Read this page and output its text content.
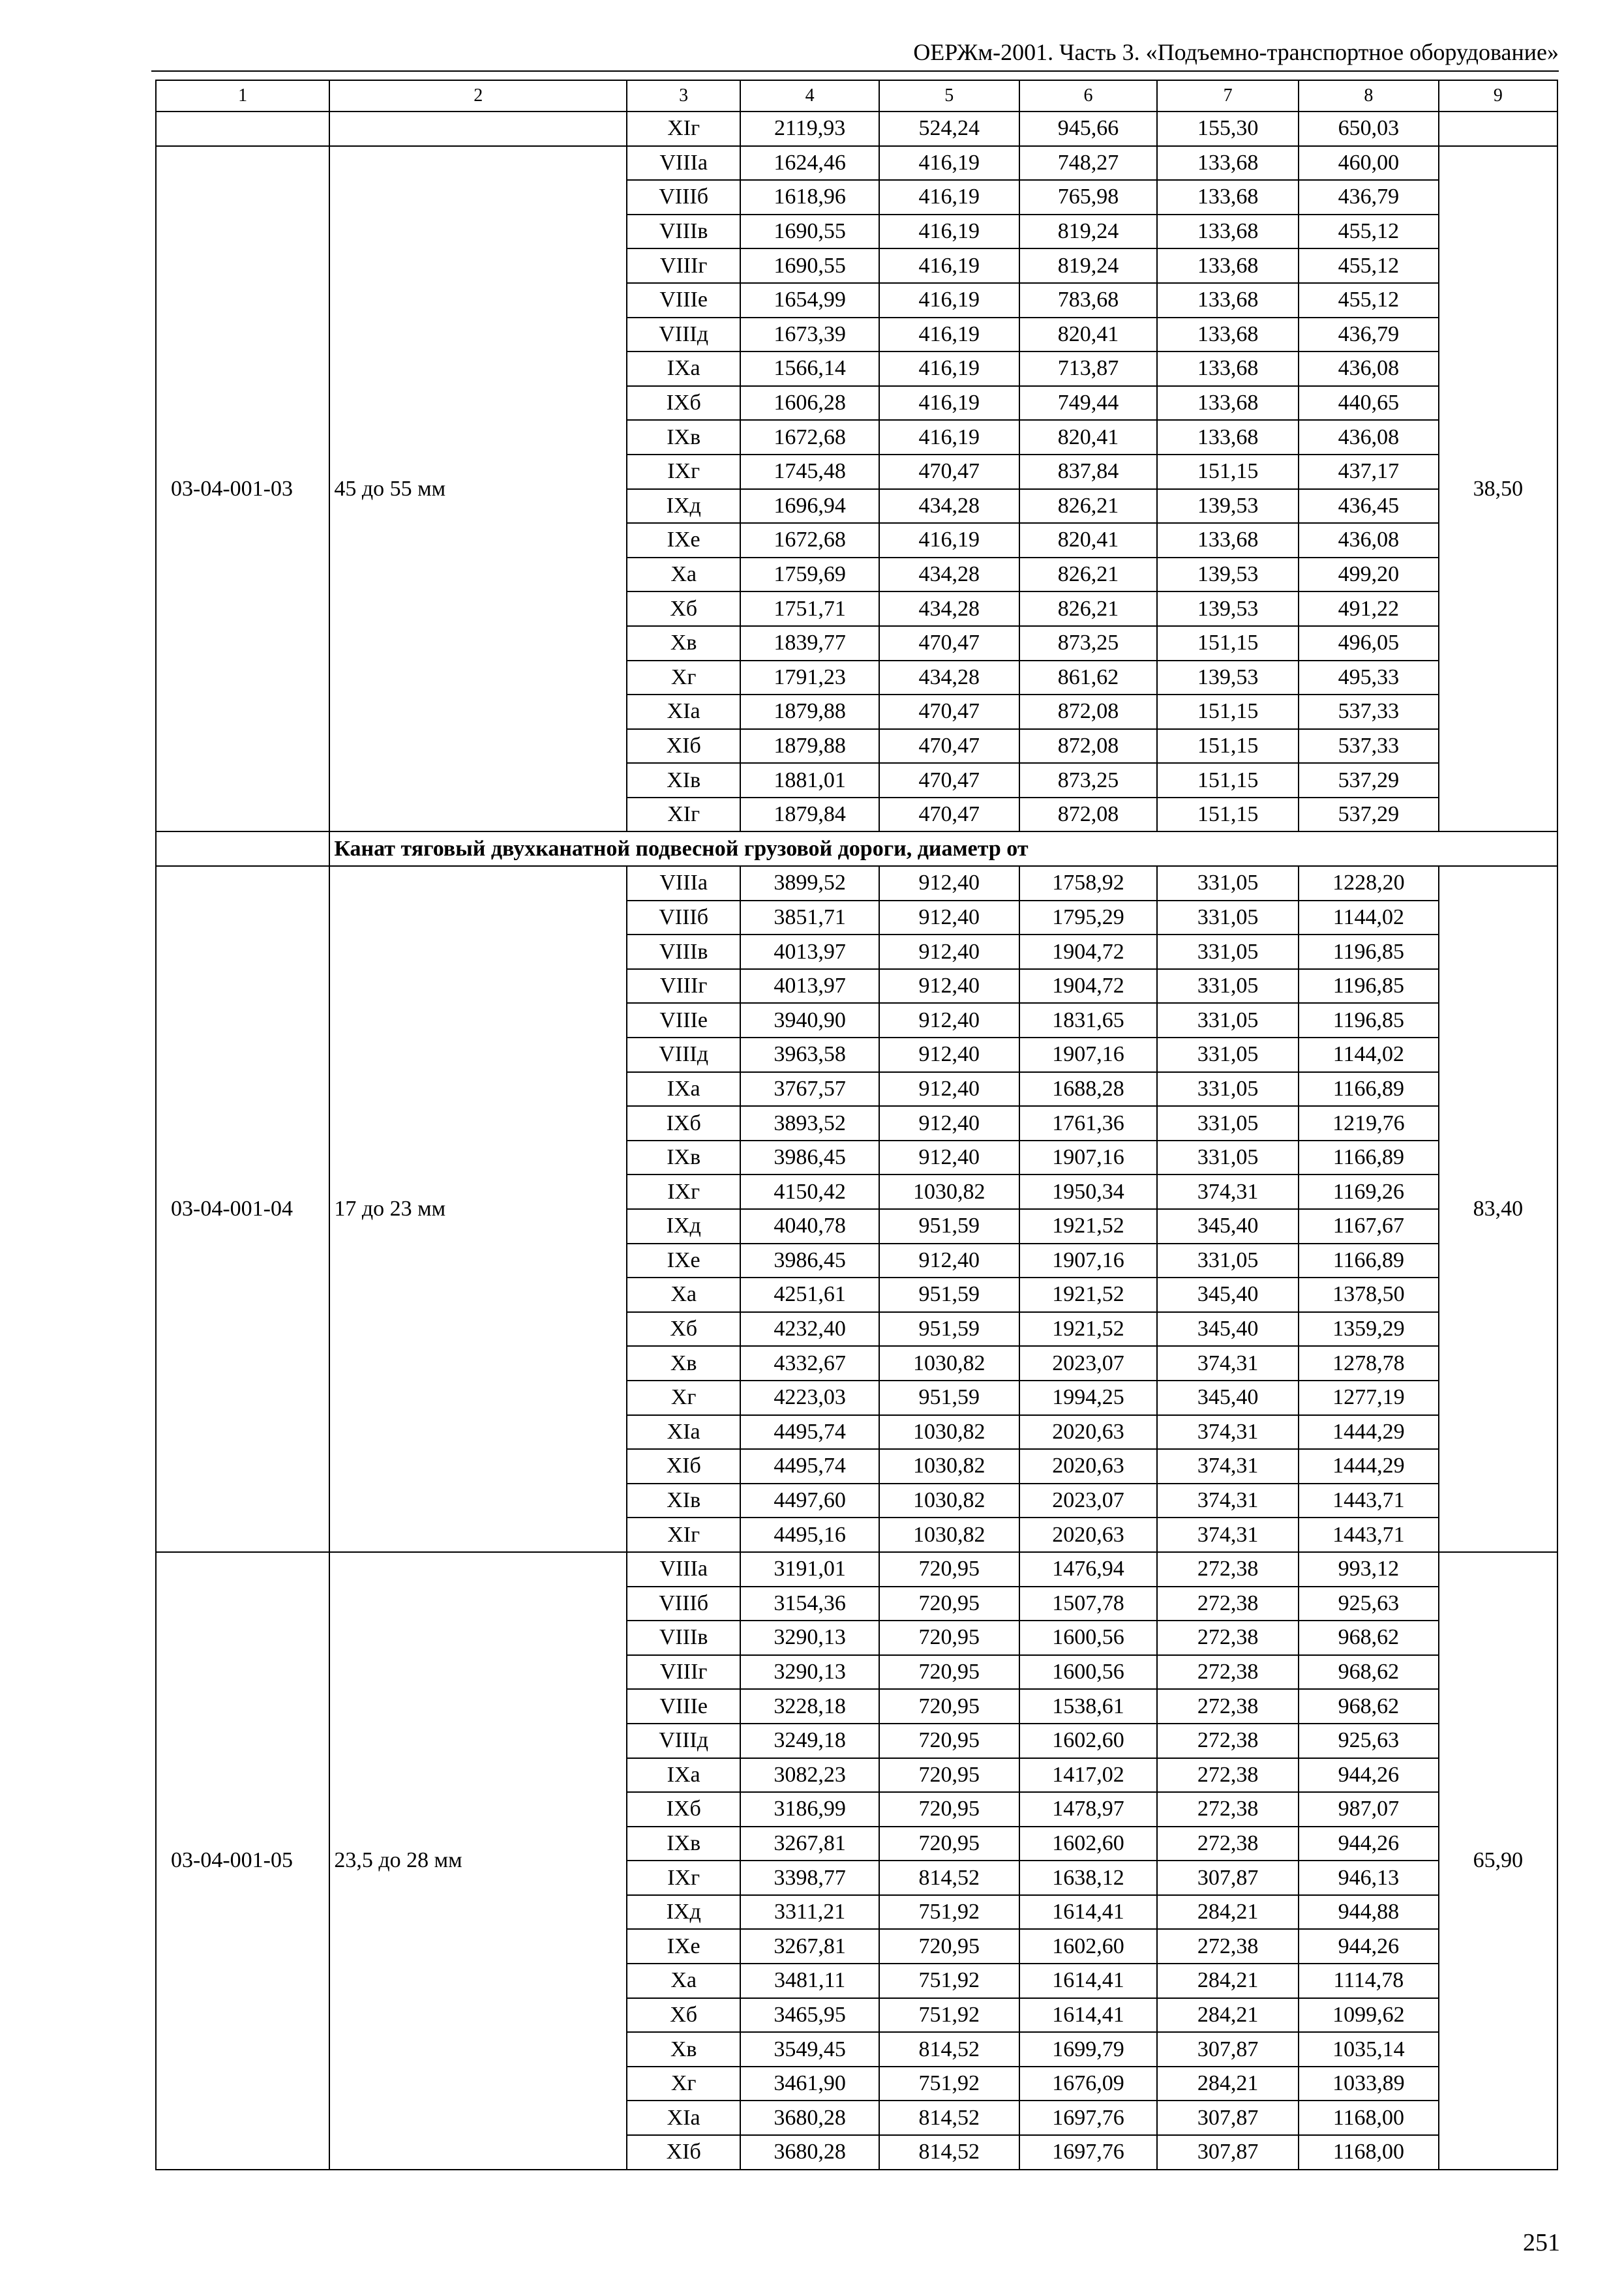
ОЕРЖм-2001. Часть 3. «Подъемно-транспортное оборудование»
1	2	3	4	5	6	7	8	9
		XIг	2119,93	524,24	945,66	155,30	650,03	
03-04-001-03	45 до 55 мм	VIIIа	1624,46	416,19	748,27	133,68	460,00	38,50
		VIIIб	1618,96	416,19	765,98	133,68	436,79	
		VIIIв	1690,55	416,19	819,24	133,68	455,12	
		VIIIг	1690,55	416,19	819,24	133,68	455,12	
		VIIIе	1654,99	416,19	783,68	133,68	455,12	
		VIIIд	1673,39	416,19	820,41	133,68	436,79	
		IXа	1566,14	416,19	713,87	133,68	436,08	
		IXб	1606,28	416,19	749,44	133,68	440,65	
		IXв	1672,68	416,19	820,41	133,68	436,08	
		IXг	1745,48	470,47	837,84	151,15	437,17	
		IXд	1696,94	434,28	826,21	139,53	436,45	
		IXе	1672,68	416,19	820,41	133,68	436,08	
		Xа	1759,69	434,28	826,21	139,53	499,20	
		Xб	1751,71	434,28	826,21	139,53	491,22	
		Xв	1839,77	470,47	873,25	151,15	496,05	
		Xг	1791,23	434,28	861,62	139,53	495,33	
		XIа	1879,88	470,47	872,08	151,15	537,33	
		XIб	1879,88	470,47	872,08	151,15	537,33	
		XIв	1881,01	470,47	873,25	151,15	537,29	
		XIг	1879,84	470,47	872,08	151,15	537,29	
	Канат тяговый двухканатной подвесной грузовой дороги, диаметр от							
03-04-001-04	17 до 23 мм	VIIIа	3899,52	912,40	1758,92	331,05	1228,20	83,40
		VIIIб	3851,71	912,40	1795,29	331,05	1144,02	
		VIIIв	4013,97	912,40	1904,72	331,05	1196,85	
		VIIIг	4013,97	912,40	1904,72	331,05	1196,85	
		VIIIе	3940,90	912,40	1831,65	331,05	1196,85	
		VIIIд	3963,58	912,40	1907,16	331,05	1144,02	
		IXа	3767,57	912,40	1688,28	331,05	1166,89	
		IXб	3893,52	912,40	1761,36	331,05	1219,76	
		IXв	3986,45	912,40	1907,16	331,05	1166,89	
		IXг	4150,42	1030,82	1950,34	374,31	1169,26	
		IXд	4040,78	951,59	1921,52	345,40	1167,67	
		IXе	3986,45	912,40	1907,16	331,05	1166,89	
		Xа	4251,61	951,59	1921,52	345,40	1378,50	
		Xб	4232,40	951,59	1921,52	345,40	1359,29	
		Xв	4332,67	1030,82	2023,07	374,31	1278,78	
		Xг	4223,03	951,59	1994,25	345,40	1277,19	
		XIа	4495,74	1030,82	2020,63	374,31	1444,29	
		XIб	4495,74	1030,82	2020,63	374,31	1444,29	
		XIв	4497,60	1030,82	2023,07	374,31	1443,71	
		XIг	4495,16	1030,82	2020,63	374,31	1443,71	
03-04-001-05	23,5 до 28 мм	VIIIа	3191,01	720,95	1476,94	272,38	993,12	65,90
		VIIIб	3154,36	720,95	1507,78	272,38	925,63	
		VIIIв	3290,13	720,95	1600,56	272,38	968,62	
		VIIIг	3290,13	720,95	1600,56	272,38	968,62	
		VIIIе	3228,18	720,95	1538,61	272,38	968,62	
		VIIIд	3249,18	720,95	1602,60	272,38	925,63	
		IXа	3082,23	720,95	1417,02	272,38	944,26	
		IXб	3186,99	720,95	1478,97	272,38	987,07	
		IXв	3267,81	720,95	1602,60	272,38	944,26	
		IXг	3398,77	814,52	1638,12	307,87	946,13	
		IXд	3311,21	751,92	1614,41	284,21	944,88	
		IXе	3267,81	720,95	1602,60	272,38	944,26	
		Xа	3481,11	751,92	1614,41	284,21	1114,78	
		Xб	3465,95	751,92	1614,41	284,21	1099,62	
		Xв	3549,45	814,52	1699,79	307,87	1035,14	
		Xг	3461,90	751,92	1676,09	284,21	1033,89	
		XIа	3680,28	814,52	1697,76	307,87	1168,00	
		XIб	3680,28	814,52	1697,76	307,87	1168,00	
251
